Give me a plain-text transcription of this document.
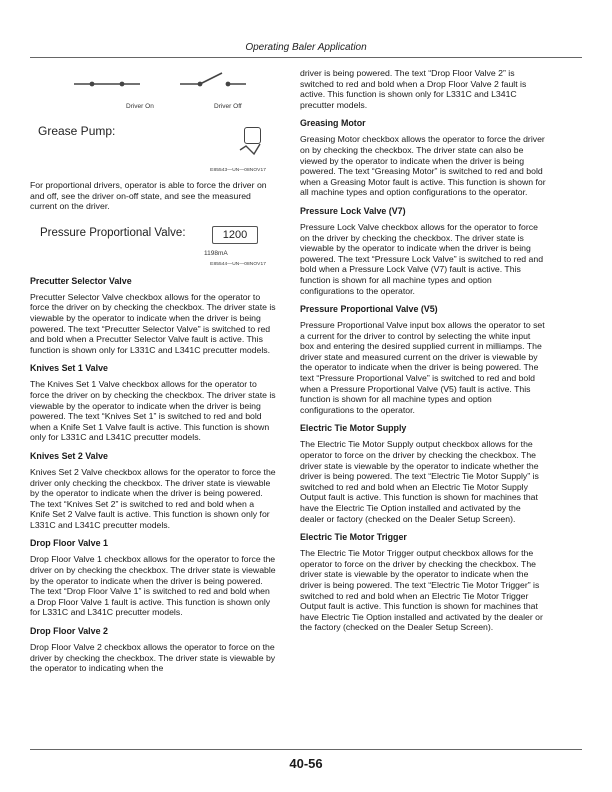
Operating Baler Application
Driver On	Driver Off
Grease Pump:
E85543—UN—08NOV17

For proportional drivers, operator is able to force the driver on and off, see the driver on-off state, and see the measured current on the driver.

Pressure Proportional Valve:	1200
1198mA
E85544—UN—08NOV17
Precutter Selector Valve

Precutter Selector Valve checkbox allows for the operator to force the driver on by checking the checkbox. The driver state is viewable by the operator to indicate when the driver is being powered. The text “Precutter Selector Valve” is switched to red and bold when a Precutter Selector Valve fault is active. This function is shown only for L331C and L341C precutter models.

Knives Set 1 Valve

The Knives Set 1 Valve checkbox allows for the operator to force the driver on by checking the checkbox. The driver state is viewable by the operator to indicate when the driver is being powered. The text “Knives Set 1” is switched to red and bold when a Knife Set 1 Valve fault is active. This function is shown only for L331C and L341C precutter models.

Knives Set 2 Valve

Knives Set 2 Valve checkbox allows for the operator to force the driver only checking the checkbox. The driver state is viewable by the operator to indicate when the driver is being powered. The text “Knives Set 2” is switched to red and bold when a Knife Set 2 Valve fault is active. This function is shown only for L331C and L341C precutter models.

Drop Floor Valve 1

Drop Floor Valve 1 checkbox allows for the operator to force the driver on by checking the checkbox. The driver state is viewable by the operator to indicate when the driver is being powered. The text “Drop Floor Valve 1” is switched to red and bold when a Drop Floor Valve 1 fault is active. This function is shown only for L331C and L341C precutter models.

Drop Floor Valve 2

Drop Floor Valve 2 checkbox allows the operator to force on the driver by checking the checkbox. The driver state is viewable by the operator to indicating when the

driver is being powered. The text “Drop Floor Valve 2” is switched to red and bold when a Drop Floor Valve 2 fault is active. This function is shown only for L331C and L341C precutter models.

Greasing Motor

Greasing Motor checkbox allows the operator to force the driver on by checking the checkbox. The driver state can also be viewed by the operator to indicate when the driver is being powered. The text “Greasing Motor” is switched to red and bold when a Greasing Motor fault is active. This function is shown for all machine types and option configurations to the operator.

Pressure Lock Valve (V7)

Pressure Lock Valve checkbox allows for the operator to force on the driver by checking the checkbox. The driver state is viewable by the operator to indicate when the driver is being powered. The text “Pressure Lock Valve” is switched to red and bold when a Pressure Lock Valve (V7) fault is active. This function is shown for all machine types and option configurations to the operator.

Pressure Proportional Valve (V5)

Pressure Proportional Valve input box allows the operator to set a current for the driver to control by selecting the white input box and entering the desired supplied current in milliamps. The driver state and measured current on the driver is viewable by the operator to indicate when the driver is being powered. The text “Pressure Proportional Valve” is switched to red and bold when a Pressure Proportional Valve (V5) fault is active. This function is shown for all machine types and option configurations to the operator.

Electric Tie Motor Supply

The Electric Tie Motor Supply output checkbox allows for the operator to force on the driver by checking the checkbox. The driver state is viewable by the operator to indicate whether the driver is being powered. The text “Electric Tie Motor Supply” is switched to red and bold when an Electric Tie Motor Supply Output fault is active. This function is shown for machines that have the Electric Tie Option installed and activated by the dealer or factory (checked on the Dealer Setup Screen).

Electric Tie Motor Trigger

The Electric Tie Motor Trigger output checkbox allows for the operator to force on the driver by checking the checkbox. The driver state is viewable by the operator to indicate when the driver is being powered. The text “Electric Tie Motor Trigger” is switched to red and bold when an Electric Tie Motor Trigger Output fault is active. This function is shown for machines that have Electric Tie Option installed and activated by the dealer or the factory (checked on the Dealer Setup Screen).

40-56
